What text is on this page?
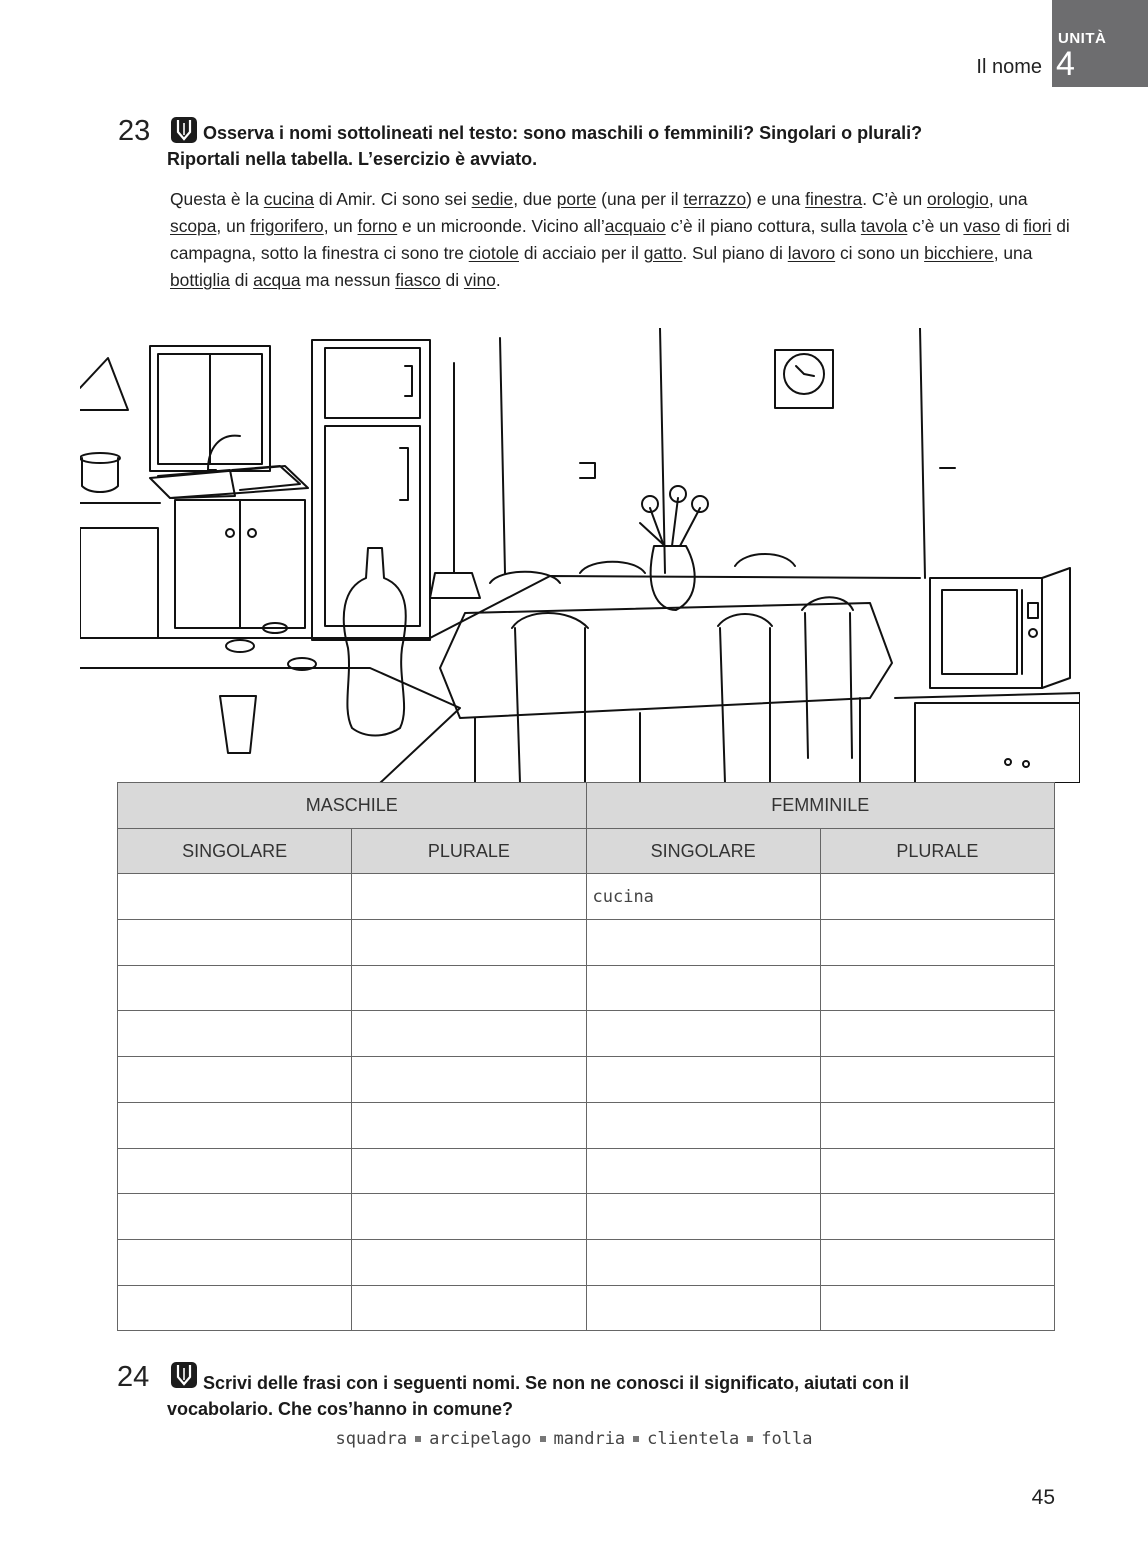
UNITÀ
4
Il nome
23	Osserva i nomi sottolineati nel testo: sono maschili o femminili? Singolari o plurali?
Riportali nella tabella. L’esercizio è avviato.
Questa è la cucina di Amir. Ci sono sei sedie, due porte (una per il terrazzo) e una finestra. C’è un orologio, una scopa, un frigorifero, un forno e un microonde. Vicino all’acquaio c’è il piano cottura, sulla tavola c’è un vaso di fiori di campagna, sotto la finestra ci sono tre ciotole di acciaio per il gatto. Sul piano di lavoro ci sono un bicchiere, una bottiglia di acqua ma nessun fiasco di vino.
MASCHILE		FEMMINILE	
SINGOLARE	PLURALE	SINGOLARE	PLURALE
		cucina	

24	Scrivi delle frasi con i seguenti nomi. Se non ne conosci il significato, aiutati con il
vocabolario. Che cos’hanno in comune?
squadra arcipelago mandria clientela folla
45
